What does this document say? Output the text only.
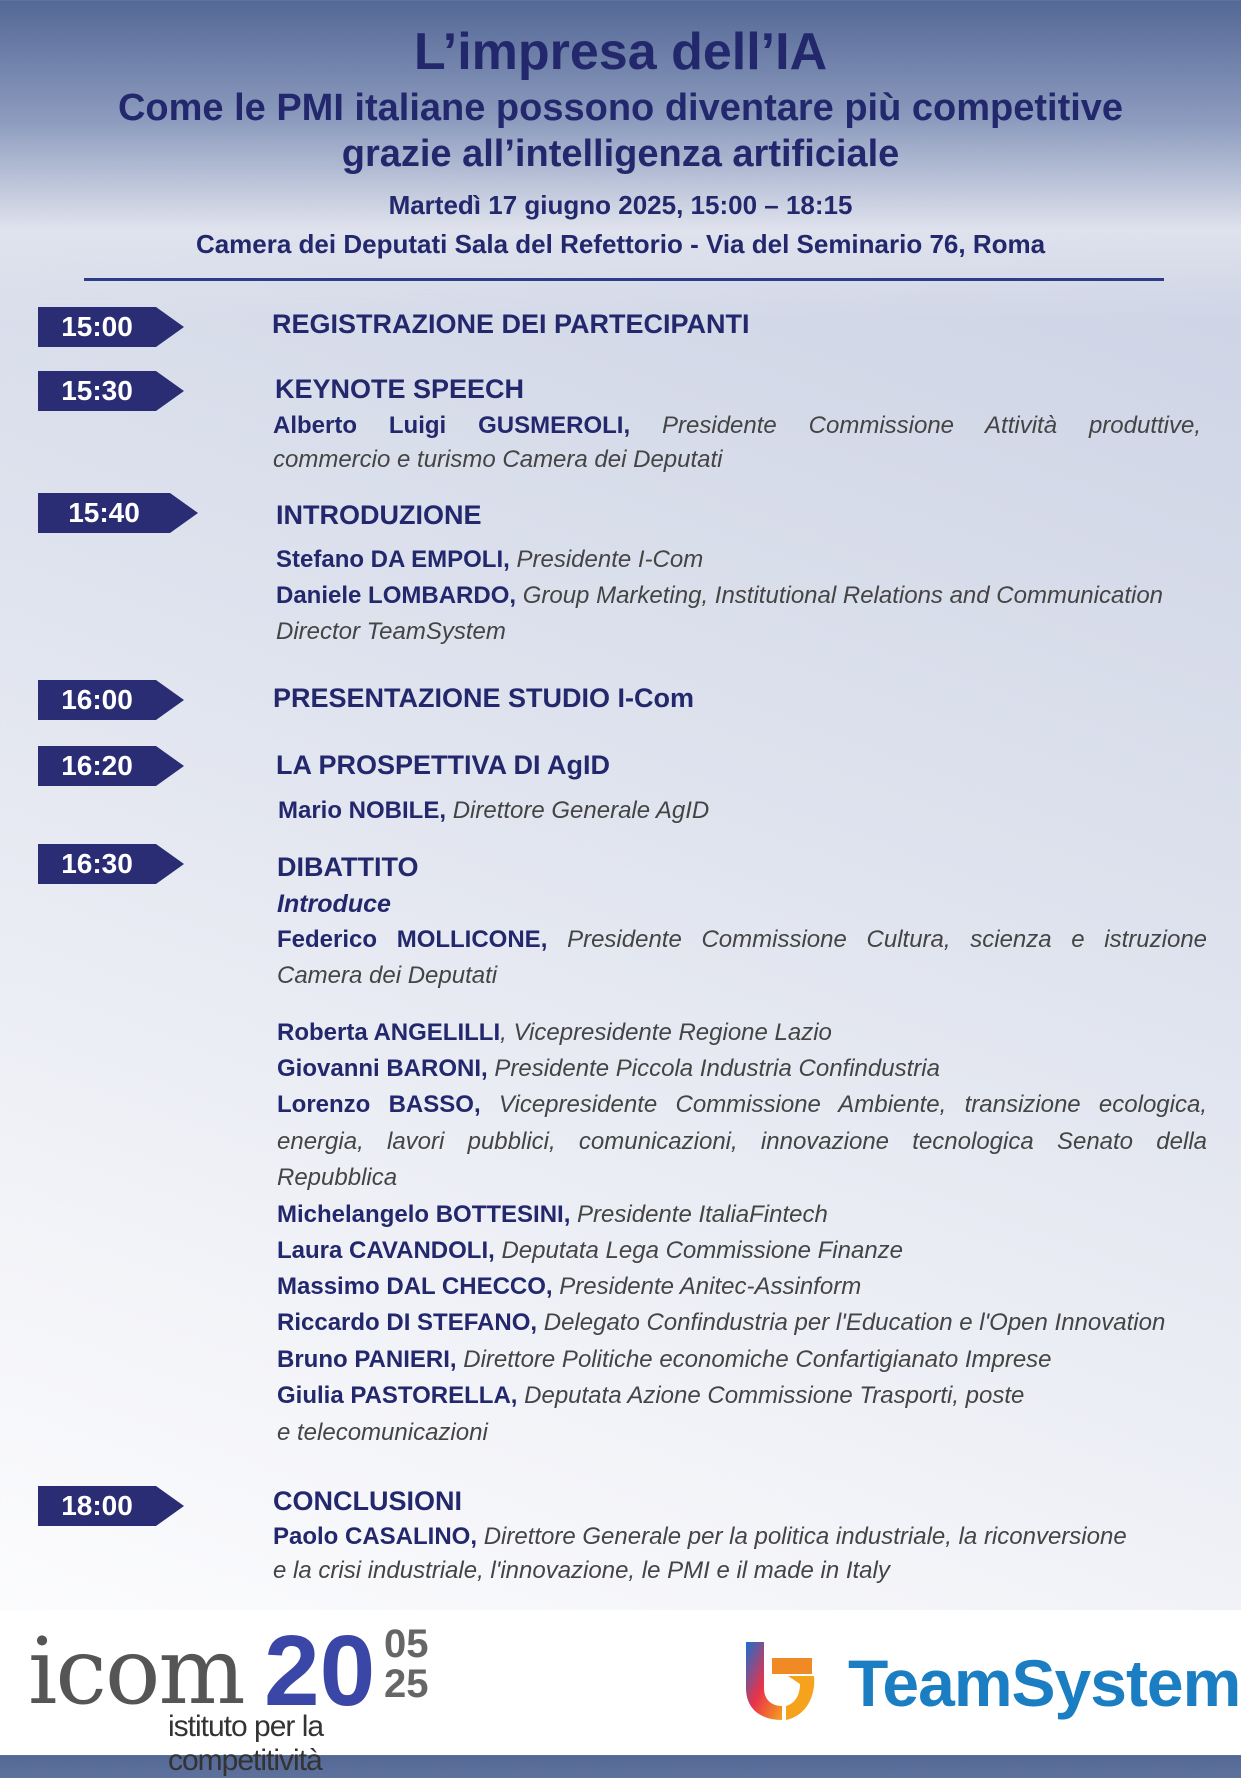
L’impresa dell’IA
Come le PMI italiane possono diventare più competitive
grazie all’intelligenza artificiale
Martedì 17 giugno 2025, 15:00 – 18:15
Camera dei Deputati Sala del Refettorio - Via del Seminario 76, Roma
15:00	REGISTRAZIONE DEI PARTECIPANTI
15:30	KEYNOTE SPEECH
Alberto Luigi GUSMEROLI, Presidente Commissione Attività produttive,
commercio e turismo Camera dei Deputati
15:40	INTRODUZIONE
Stefano DA EMPOLI, Presidente I-Com
Daniele LOMBARDO, Group Marketing, Institutional Relations and Communication
Director TeamSystem
16:00	PRESENTAZIONE STUDIO I-Com
16:20	LA PROSPETTIVA DI AgID
Mario NOBILE, Direttore Generale AgID
16:30	DIBATTITO
Introduce
Federico MOLLICONE, Presidente Commissione Cultura, scienza e istruzione
Camera dei Deputati
Roberta ANGELILLI, Vicepresidente Regione Lazio
Giovanni BARONI, Presidente Piccola Industria Confindustria
Lorenzo BASSO, Vicepresidente Commissione Ambiente, transizione ecologica,
energia, lavori pubblici, comunicazioni, innovazione tecnologica Senato della
Repubblica
Michelangelo BOTTESINI, Presidente ItaliaFintech
Laura CAVANDOLI, Deputata Lega Commissione Finanze
Massimo DAL CHECCO, Presidente Anitec-Assinform
Riccardo DI STEFANO, Delegato Confindustria per l'Education e l'Open Innovation
Bruno PANIERI, Direttore Politiche economiche Confartigianato Imprese
Giulia PASTORELLA, Deputata Azione Commissione Trasporti, poste
e telecomunicazioni
18:00	CONCLUSIONI
Paolo CASALINO, Direttore Generale per la politica industriale, la riconversione
e la crisi industriale, l'innovazione, le PMI e il made in Italy
icom 20 05
25
istituto per la competitività
TeamSystem
